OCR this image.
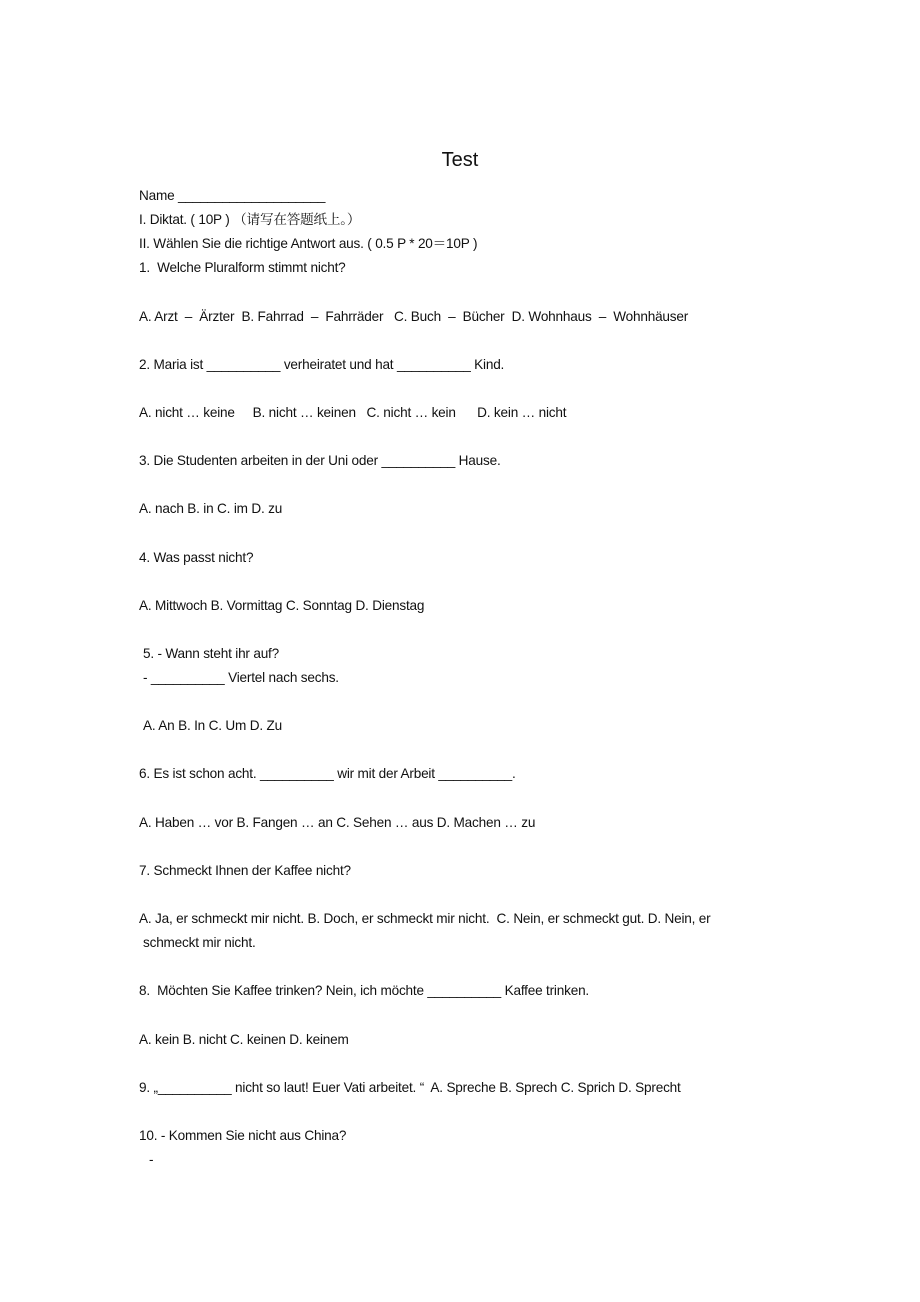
Test
Name ____________________
I. Diktat. ( 10P ) （请写在答题纸上。）
II. Wählen Sie die richtige Antwort aus. ( 0.5 P * 20＝10P )
1.  Welche Pluralform stimmt nicht?
A. Arzt  –  Ärzter  B. Fahrrad  –  Fahrräder   C. Buch  –  Bücher  D. Wohnhaus  –  Wohnhäuser
2. Maria ist __________ verheiratet und hat __________ Kind.
A. nicht … keine     B. nicht … keinen   C. nicht … kein      D. kein … nicht
3. Die Studenten arbeiten in der Uni oder __________ Hause.
A. nach B. in C. im D. zu
4. Was passt nicht?
A. Mittwoch B. Vormittag C. Sonntag D. Dienstag
5. - Wann steht ihr auf?
- __________ Viertel nach sechs.
A. An B. In C. Um D. Zu
6. Es ist schon acht. __________ wir mit der Arbeit __________.
A. Haben … vor B. Fangen … an C. Sehen … aus D. Machen … zu
7. Schmeckt Ihnen der Kaffee nicht?
A. Ja, er schmeckt mir nicht. B. Doch, er schmeckt mir nicht.  C. Nein, er schmeckt gut. D. Nein, er
schmeckt mir nicht.
8.  Möchten Sie Kaffee trinken? Nein, ich möchte __________ Kaffee trinken.
A. kein B. nicht C. keinen D. keinem
9. „__________ nicht so laut! Euer Vati arbeitet. “  A. Spreche B. Sprech C. Sprich D. Sprecht
10. - Kommen Sie nicht aus China?
-
